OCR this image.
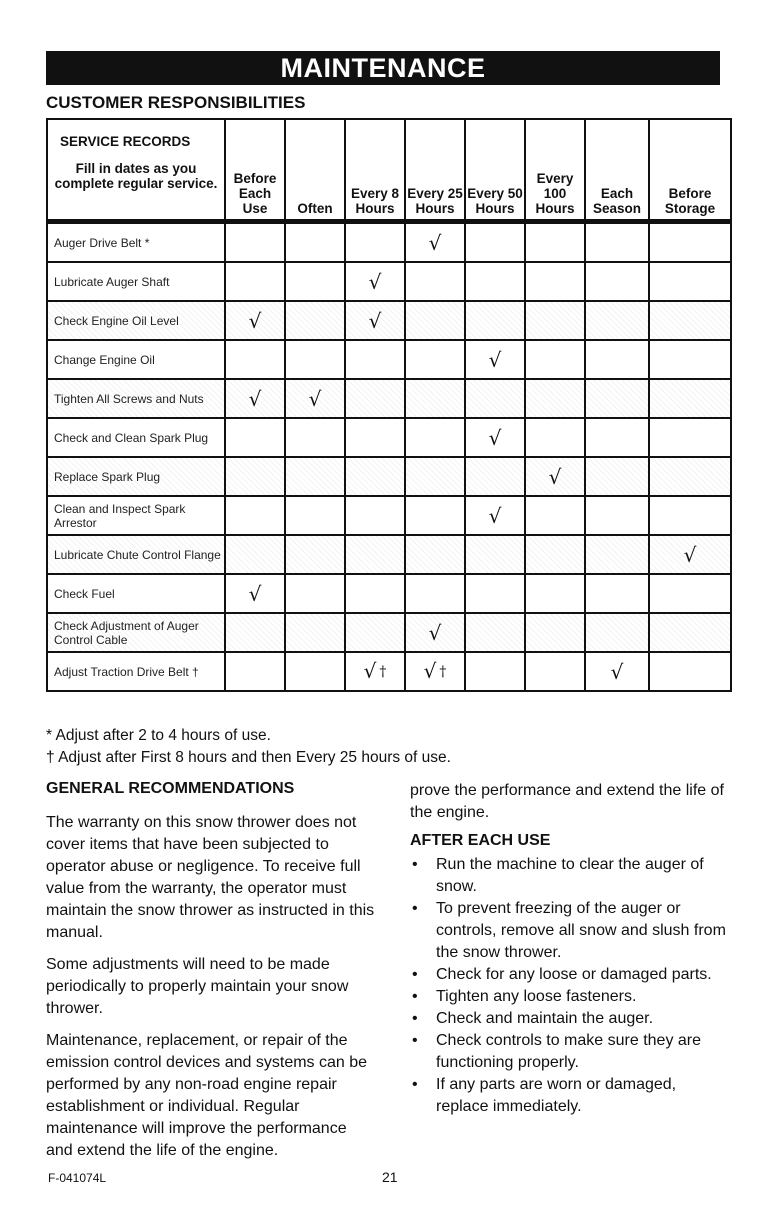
MAINTENANCE
CUSTOMER RESPONSIBILITIES
SERVICE RECORDS
Fill in dates as you complete regular service.	Before Each Use	Often	Every 8 Hours	Every 25 Hours	Every 50 Hours	Every 100 Hours	Each Season	Before Storage
Auger Drive Belt *				√				
Lubricate Auger Shaft			√					
Check Engine Oil Level	√		√					
Change Engine Oil					√			
Tighten All Screws and Nuts	√	√						
Check and Clean Spark Plug					√			
Replace Spark Plug						√		
Clean and Inspect Spark Arrestor					√			
Lubricate Chute Control Flange								√
Check Fuel	√							
Check Adjustment of Auger Control Cable				√				
Adjust Traction Drive Belt †			√ †	√ †			√	
* Adjust after 2 to 4 hours of use.
† Adjust after First 8 hours and then Every 25 hours of use.
GENERAL RECOMMENDATIONS

The warranty on this snow thrower does not cover items that have been subjected to operator abuse or negligence. To receive full value from the warranty, the operator must maintain the snow thrower as instructed in this manual.

Some adjustments will need to be made periodically to properly maintain your snow thrower.

Maintenance, replacement, or repair of the emission control devices and systems can be performed by any non-road engine repair establishment or individual. Regular maintenance will improve the performance and extend the life of the engine.

prove the performance and extend the life of the engine.

AFTER EACH USE
• Run the machine to clear the auger of snow.
• To prevent freezing of the auger or controls, remove all snow and slush from the snow thrower.
• Check for any loose or damaged parts.
• Tighten any loose fasteners.
• Check and maintain the auger.
• Check controls to make sure they are functioning properly.
• If any parts are worn or damaged, replace immediately.
F-041074L	21
